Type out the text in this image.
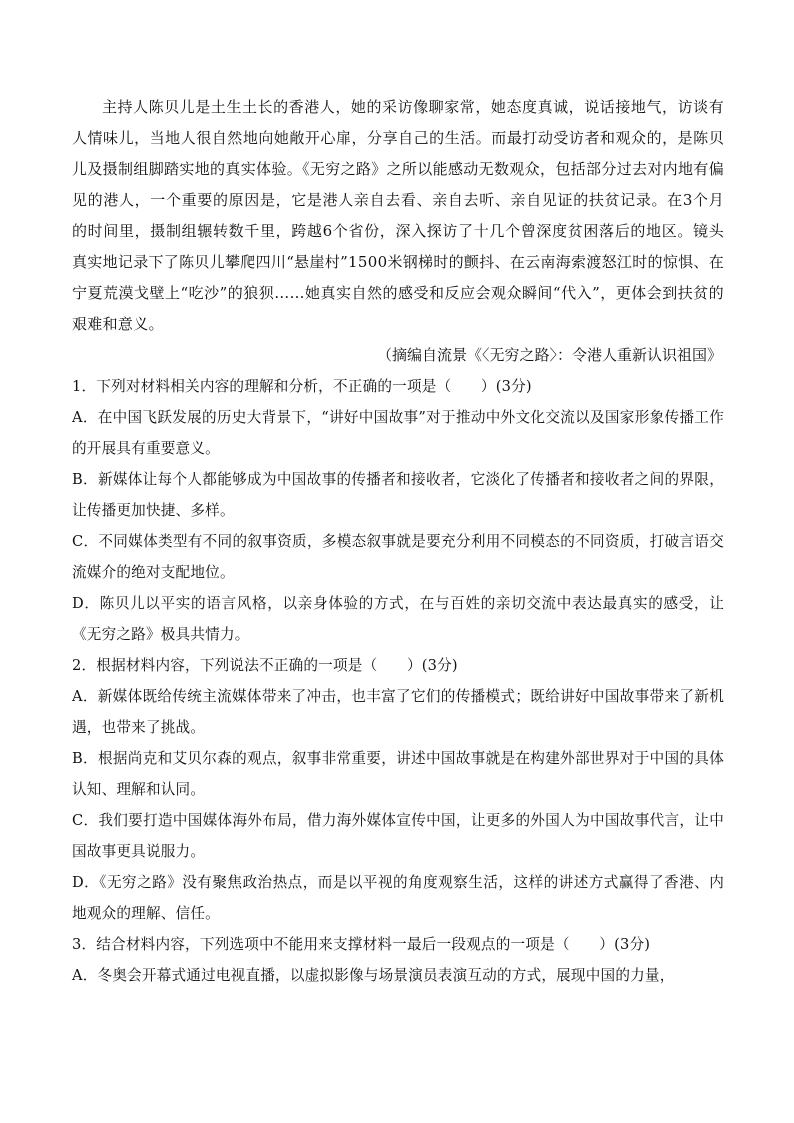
主持人陈贝儿是土生土长的香港人，她的采访像聊家常，她态度真诚，说话接地气，访谈有人情味儿，当地人很自然地向她敞开心扉，分享自己的生活。而最打动受访者和观众的，是陈贝儿及摄制组脚踏实地的真实体验。《无穷之路》之所以能感动无数观众，包括部分过去对内地有偏见的港人，一个重要的原因是，它是港人亲自去看、亲自去听、亲自见证的扶贫记录。在3个月的时间里，摄制组辗转数千里，跨越6个省份，深入探访了十几个曾深度贫困落后的地区。镜头真实地记录下了陈贝儿攀爬四川“悬崖村”1500米钢梯时的颤抖、在云南海索渡怒江时的惊惧、在宁夏荒漠戈壁上“吃沙”的狼狈……她真实自然的感受和反应会观众瞬间“代入”，更体会到扶贫的艰难和意义。

（摘编自流景《〈无穷之路〉：令港人重新认识祖国》

1．下列对材料相关内容的理解和分析，不正确的一项是（　　）(3分)

A．在中国飞跃发展的历史大背景下，“讲好中国故事”对于推动中外文化交流以及国家形象传播工作的开展具有重要意义。

B．新媒体让每个人都能够成为中国故事的传播者和接收者，它淡化了传播者和接收者之间的界限，让传播更加快捷、多样。

C．不同媒体类型有不同的叙事资质，多模态叙事就是要充分利用不同模态的不同资质，打破言语交流媒介的绝对支配地位。

D．陈贝儿以平实的语言风格，以亲身体验的方式，在与百姓的亲切交流中表达最真实的感受，让《无穷之路》极具共情力。

2．根据材料内容，下列说法不正确的一项是（　　）(3分)

A．新媒体既给传统主流媒体带来了冲击，也丰富了它们的传播模式；既给讲好中国故事带来了新机遇，也带来了挑战。

B．根据尚克和艾贝尔森的观点，叙事非常重要，讲述中国故事就是在构建外部世界对于中国的具体认知、理解和认同。

C．我们要打造中国媒体海外布局，借力海外媒体宣传中国，让更多的外国人为中国故事代言，让中国故事更具说服力。

D．《无穷之路》没有聚焦政治热点，而是以平视的角度观察生活，这样的讲述方式赢得了香港、内地观众的理解、信任。

3．结合材料内容，下列选项中不能用来支撑材料一最后一段观点的一项是（　　）(3分)

A．冬奥会开幕式通过电视直播，以虚拟影像与场景演员表演互动的方式，展现中国的力量，
